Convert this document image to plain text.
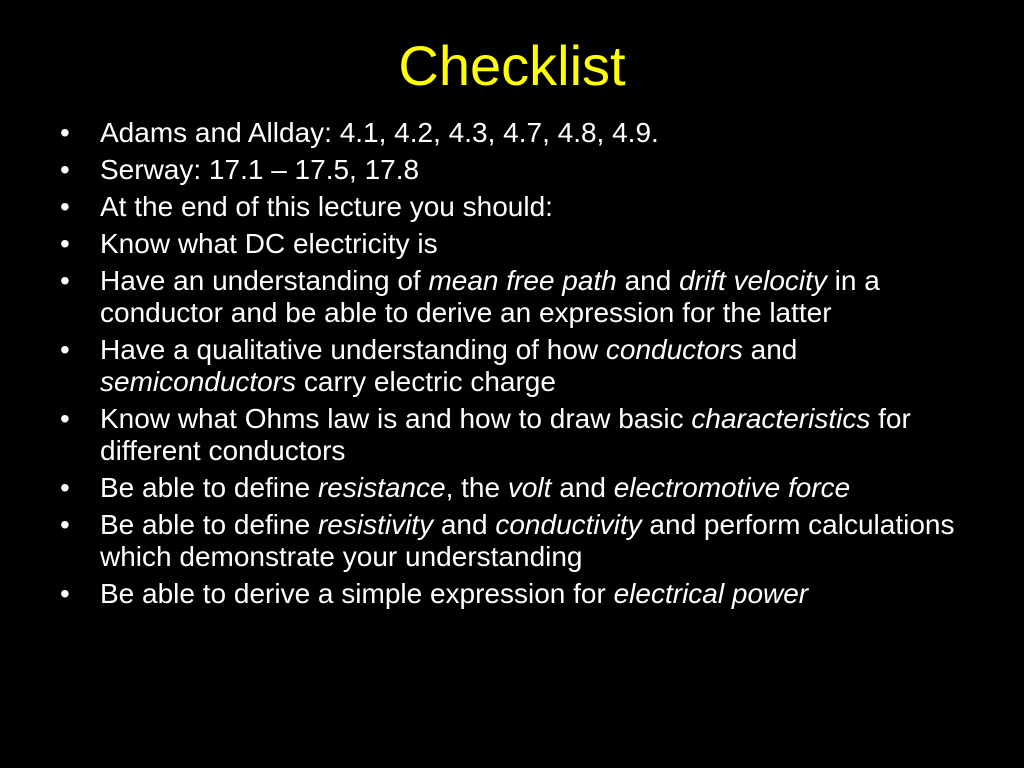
Checklist
• Adams and Allday: 4.1, 4.2, 4.3, 4.7, 4.8, 4.9.
• Serway: 17.1 – 17.5, 17.8
• At the end of this lecture you should:
• Know what DC electricity is
• Have an understanding of mean free path and drift velocity in a conductor and be able to derive an expression for the latter
• Have a qualitative understanding of how conductors and semiconductors carry electric charge
• Know what Ohms law is and how to draw basic characteristics for different conductors
• Be able to define resistance, the volt and electromotive force
• Be able to define resistivity and conductivity and perform calculations which demonstrate your understanding
• Be able to derive a simple expression for electrical power
